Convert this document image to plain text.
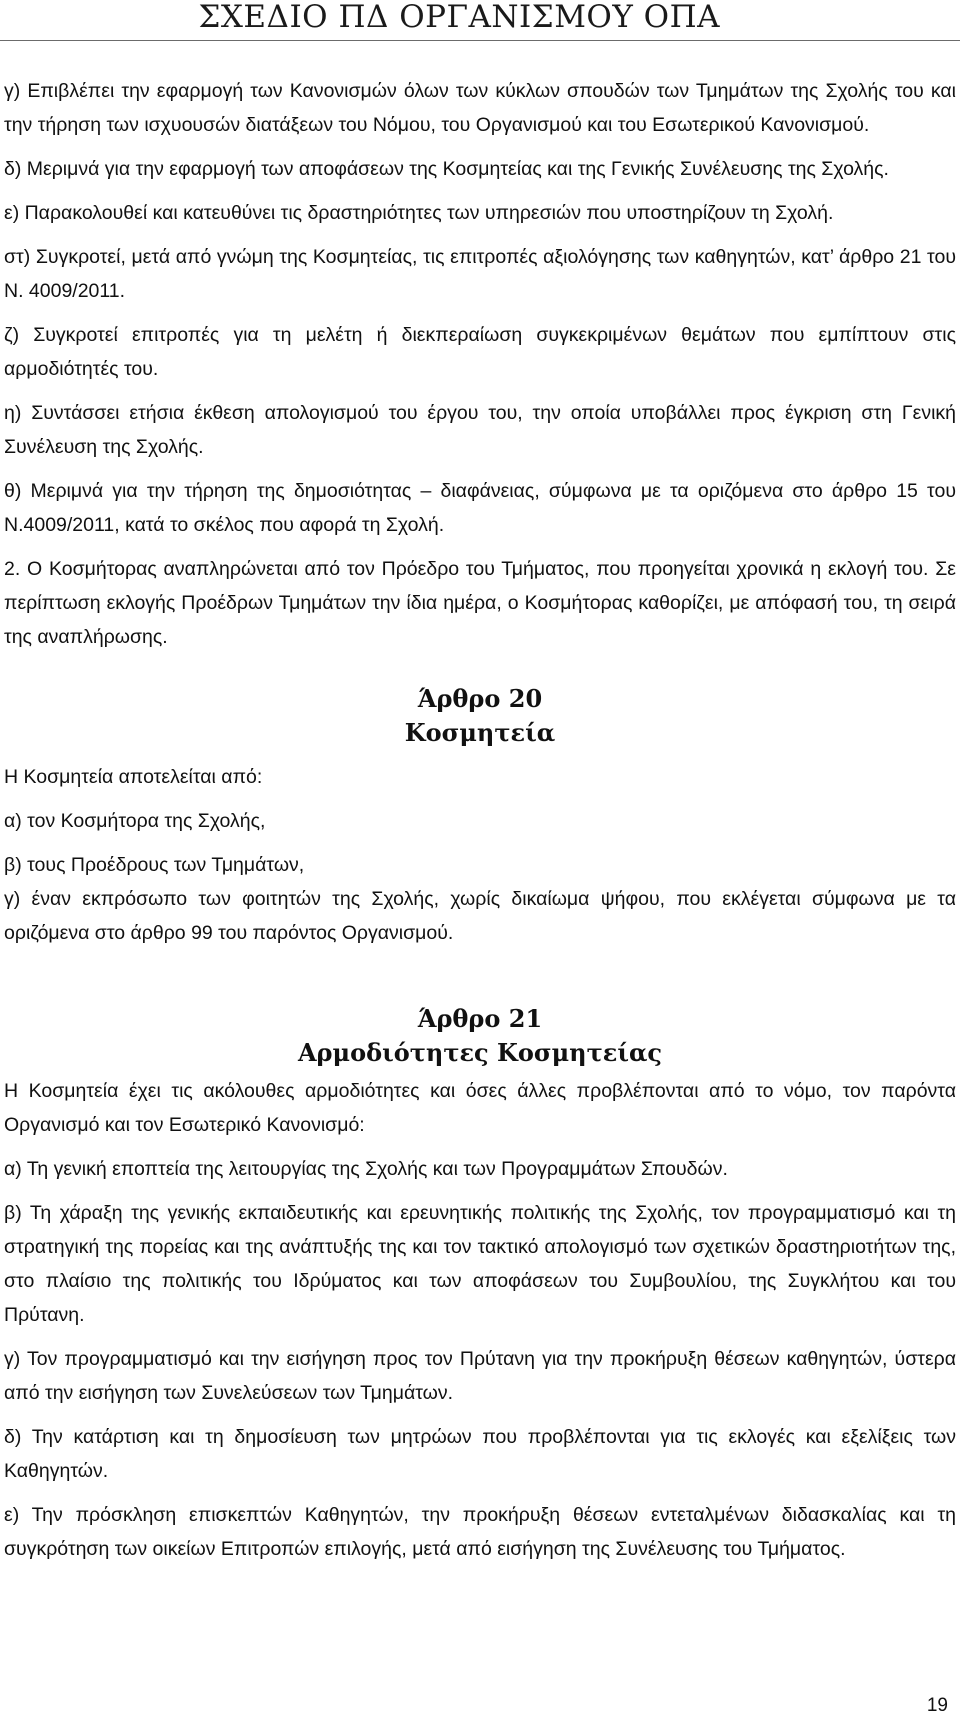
ΣΧΕΔΙΟ ΠΔ ΟΡΓΑΝΙΣΜΟΥ ΟΠΑ

γ) Επιβλέπει την εφαρμογή των Κανονισμών όλων των κύκλων σπουδών των Τμημάτων της Σχολής του και την τήρηση των ισχυουσών διατάξεων του Νόμου, του Οργανισμού και του Εσωτερικού Κανονισμού.

δ) Μεριμνά για την εφαρμογή των αποφάσεων της Κοσμητείας και της Γενικής Συνέλευσης της Σχολής.

ε) Παρακολουθεί και κατευθύνει τις δραστηριότητες των υπηρεσιών που υποστηρίζουν τη Σχολή.

στ) Συγκροτεί, μετά από γνώμη της Κοσμητείας, τις επιτροπές αξιολόγησης των καθηγητών, κατ’ άρθρο 21 του Ν. 4009/2011.

ζ) Συγκροτεί επιτροπές για τη μελέτη ή διεκπεραίωση συγκεκριμένων θεμάτων που εμπίπτουν στις αρμοδιότητές του.

η) Συντάσσει ετήσια έκθεση απολογισμού του έργου του, την οποία υποβάλλει προς έγκριση στη Γενική Συνέλευση της Σχολής.

θ) Μεριμνά για την τήρηση της δημοσιότητας – διαφάνειας, σύμφωνα με τα οριζόμενα στο άρθρο 15 του Ν.4009/2011, κατά το σκέλος που αφορά τη Σχολή.

2. Ο Κοσμήτορας αναπληρώνεται από τον Πρόεδρο του Τμήματος, που προηγείται χρονικά η εκλογή του. Σε περίπτωση εκλογής Προέδρων Τμημάτων την ίδια ημέρα, ο Κοσμήτορας καθορίζει, με απόφασή του, τη σειρά της αναπλήρωσης.

Άρθρο 20
Κοσμητεία

Η Κοσμητεία αποτελείται από:

α) τον Κοσμήτορα της Σχολής,

β) τους Προέδρους των Τμημάτων,

γ) έναν εκπρόσωπο των φοιτητών της Σχολής, χωρίς δικαίωμα ψήφου, που εκλέγεται σύμφωνα με τα οριζόμενα στο άρθρο 99 του παρόντος Οργανισμού.

Άρθρο 21
Αρμοδιότητες Κοσμητείας

Η Κοσμητεία έχει τις ακόλουθες αρμοδιότητες και όσες άλλες προβλέπονται από το νόμο, τον παρόντα Οργανισμό και τον Εσωτερικό Κανονισμό:

α) Τη γενική εποπτεία της λειτουργίας της Σχολής και των Προγραμμάτων Σπουδών.

β) Τη χάραξη της γενικής εκπαιδευτικής και ερευνητικής πολιτικής της Σχολής, τον προγραμματισμό και τη στρατηγική της πορείας και της ανάπτυξής της και τον τακτικό απολογισμό των σχετικών δραστηριοτήτων της, στο πλαίσιο της πολιτικής του Ιδρύματος και των αποφάσεων του Συμβουλίου, της Συγκλήτου και του Πρύτανη.

γ) Τον προγραμματισμό και την εισήγηση προς τον Πρύτανη για την προκήρυξη θέσεων καθηγητών, ύστερα από την εισήγηση των Συνελεύσεων των Τμημάτων.

δ) Την κατάρτιση και τη δημοσίευση των μητρώων που προβλέπονται για τις εκλογές και εξελίξεις των Καθηγητών.

ε) Την πρόσκληση επισκεπτών Καθηγητών, την προκήρυξη θέσεων εντεταλμένων διδασκαλίας και τη συγκρότηση των οικείων Επιτροπών επιλογής, μετά από εισήγηση της Συνέλευσης του Τμήματος.

19
